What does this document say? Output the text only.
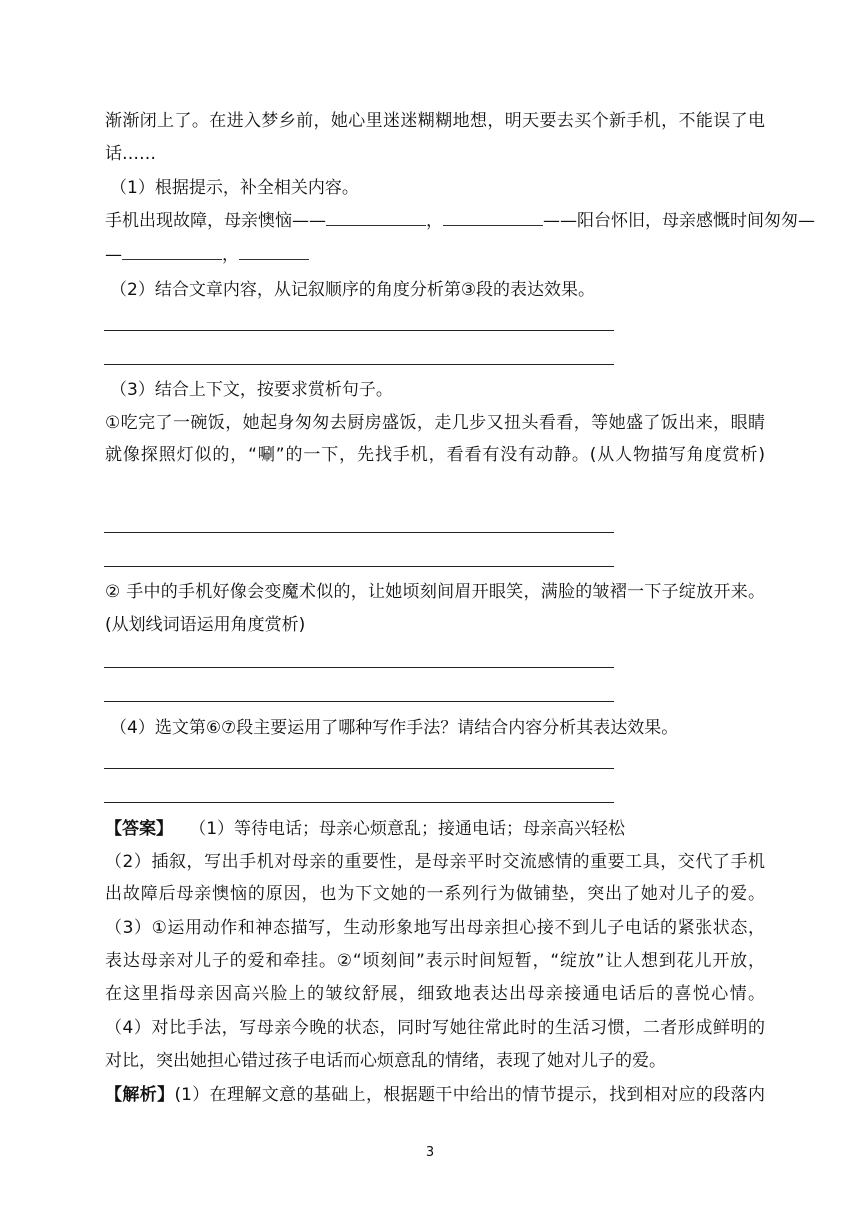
渐渐闭上了。在进入梦乡前，她心里迷迷糊糊地想，明天要去买个新手机，不能误了电

话……

（1）根据提示，补全相关内容。

手机出现故障，母亲懊恼——	，	——阳台怀旧，母亲感慨时间匆匆—

—	，

（2）结合文章内容，从记叙顺序的角度分析第③段的表达效果。

（3）结合上下文，按要求赏析句子。

①吃完了一碗饭，她起身匆匆去厨房盛饭，走几步又扭头看看，等她盛了饭出来，眼睛

就像探照灯似的，“唰”的一下，先找手机，看看有没有动静。(从人物描写角度赏析)

② 手中的手机好像会变魔术似的，让她顷刻间眉开眼笑，满脸的皱褶一下子绽放开来。

(从划线词语运用角度赏析)

（4）选文第⑥⑦段主要运用了哪种写作手法？请结合内容分析其表达效果。

【答案】 （1）等待电话；母亲心烦意乱；接通电话；母亲高兴轻松

（2）插叙，写出手机对母亲的重要性，是母亲平时交流感情的重要工具，交代了手机

出故障后母亲懊恼的原因，也为下文她的一系列行为做铺垫，突出了她对儿子的爱。

（3）①运用动作和神态描写，生动形象地写出母亲担心接不到儿子电话的紧张状态，

表达母亲对儿子的爱和牵挂。②“顷刻间”表示时间短暂，“绽放”让人想到花儿开放，

在这里指母亲因高兴脸上的皱纹舒展，细致地表达出母亲接通电话后的喜悦心情。

（4）对比手法，写母亲今晚的状态，同时写她往常此时的生活习惯，二者形成鲜明的

对比，突出她担心错过孩子电话而心烦意乱的情绪，表现了她对儿子的爱。

【解析】(1）在理解文意的基础上，根据题干中给出的情节提示，找到相对应的段落内

3
